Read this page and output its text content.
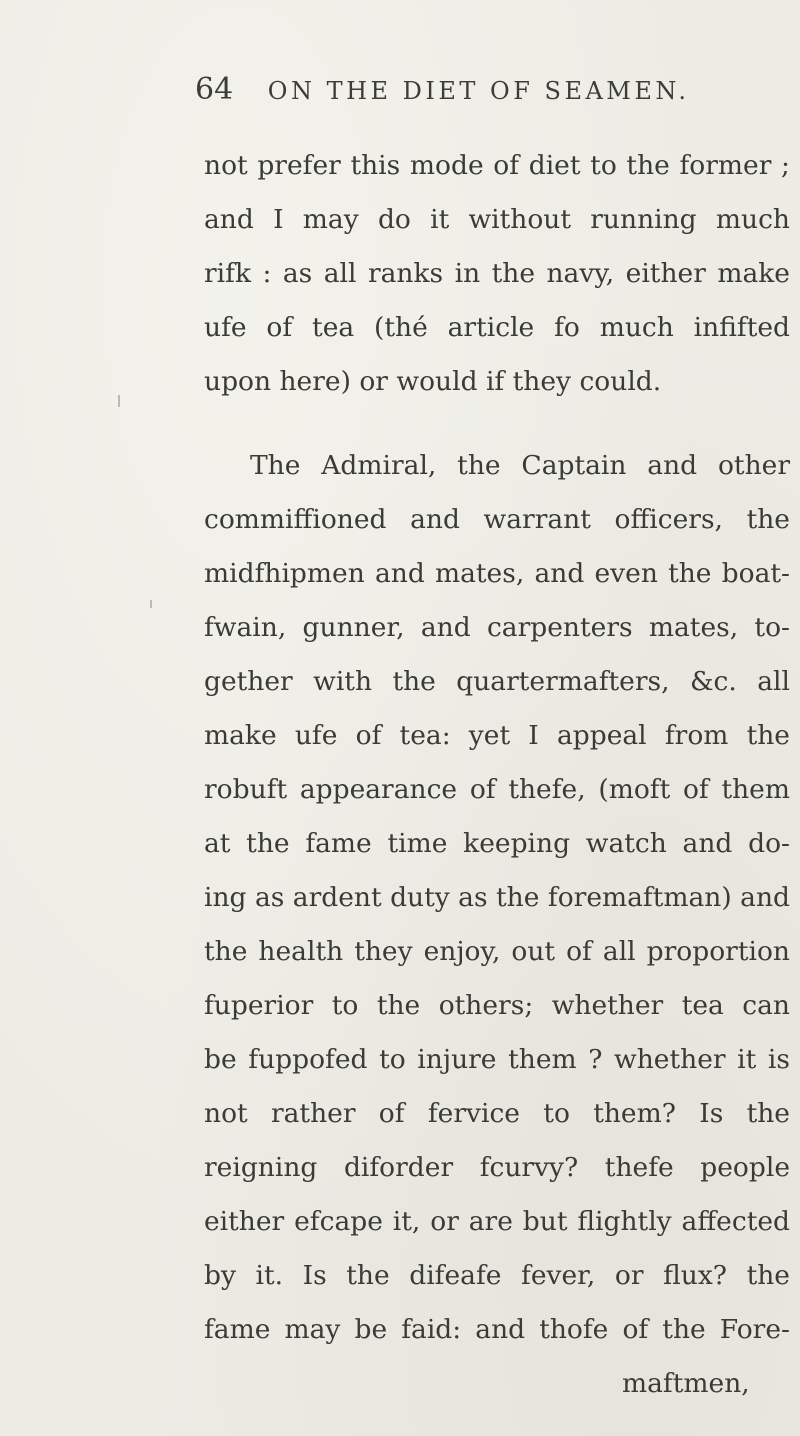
64 ON THE DIET OF SEAMEN.
not prefer this mode of diet to the former ;
and I may do it without running much
rifk : as all ranks in the navy, either make
ufe of tea (thé article fo much infifted
upon here) or would if they could.
The Admiral, the Captain and other
commiffioned and warrant officers, the
midfhipmen and mates, and even the boat-
fwain, gunner, and carpenters mates, to-
gether with the quartermafters, &c. all
make ufe of tea: yet I appeal from the
robuft appearance of thefe, (moft of them
at the fame time keeping watch and do-
ing as ardent duty as the foremaftman) and
the health they enjoy, out of all proportion
fuperior to the others; whether tea can
be fuppofed to injure them ? whether it is
not rather of fervice to them? Is the
reigning diforder fcurvy? thefe people
either efcape it, or are but flightly affected
by it. Is the difeafe fever, or flux? the
fame may be faid: and thofe of the Fore-
maftmen,
